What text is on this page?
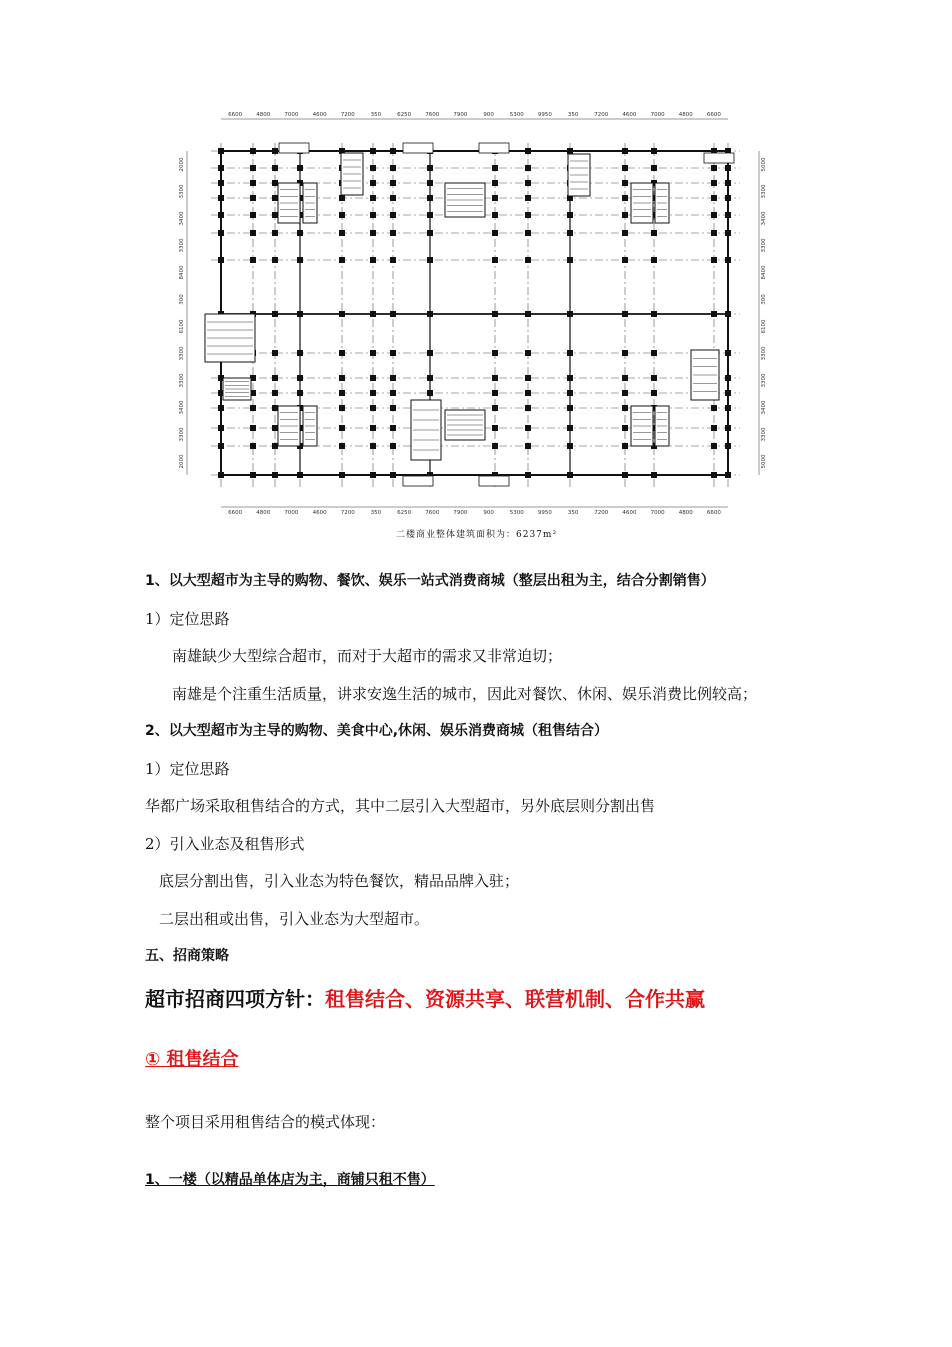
6600	4800	7000	4600	7200	350	6250	7600	7900	900	5300	9950	350	7200	4600	7000	4800	6600
6600	4800	7000	4600	7200	350	6250	7600	7900	900	5300	9950	350	7200	4600	7000	4800	6600
2000
3300
3400
3300
8400
300
6100
3300
3300
3400
3300
2000
5000
3300
3400
3300
8400
300
6100
3300
3300
3400
3300
5000
二楼商业整体建筑面积为：6237m²
1、以大型超市为主导的购物、餐饮、娱乐一站式消费商城（整层出租为主，结合分割销售）
1）定位思路
南雄缺少大型综合超市，而对于大超市的需求又非常迫切；
南雄是个注重生活质量，讲求安逸生活的城市，因此对餐饮、休闲、娱乐消费比例较高；
2、以大型超市为主导的购物、美食中心,休闲、娱乐消费商城（租售结合）
1）定位思路
华都广场采取租售结合的方式，其中二层引入大型超市，另外底层则分割出售
2）引入业态及租售形式
底层分割出售，引入业态为特色餐饮，精品品牌入驻；
二层出租或出售，引入业态为大型超市。
五、招商策略
超市招商四项方针：租售结合、资源共享、联营机制、合作共赢
① 租售结合
整个项目采用租售结合的模式体现：
1、一楼（以精品单体店为主，商铺只租不售）
